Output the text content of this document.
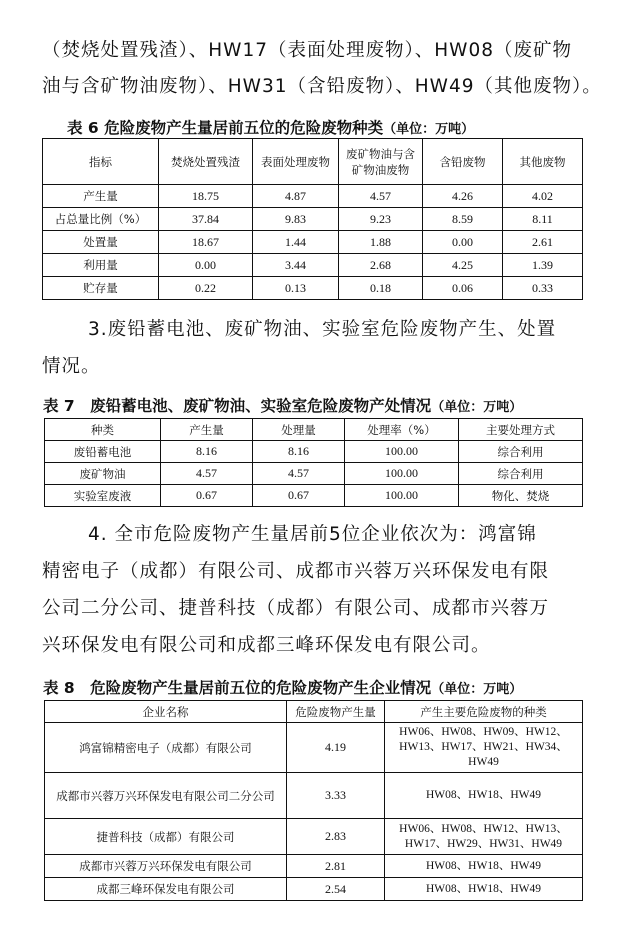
（焚烧处置残渣）、HW17（表面处理废物）、HW08（废矿物
油与含矿物油废物）、HW31（含铅废物）、HW49（其他废物）。
表 6 危险废物产生量居前五位的危险废物种类（单位：万吨）
指标	焚烧处置残渣	表面处理废物	废矿物油与含矿物油废物	含铅废物	其他废物
产生量	18.75	4.87	4.57	4.26	4.02
占总量比例（%）	37.84	9.83	9.23	8.59	8.11
处置量	18.67	1.44	1.88	0.00	2.61
利用量	0.00	3.44	2.68	4.25	1.39
贮存量	0.22	0.13	0.18	0.06	0.33
3.废铅蓄电池、废矿物油、实验室危险废物产生、处置
情况。
表 7　废铅蓄电池、废矿物油、实验室危险废物产处情况（单位：万吨）
种类	产生量	处理量	处理率（%）	主要处理方式
废铅蓄电池	8.16	8.16	100.00	综合利用
废矿物油	4.57	4.57	100.00	综合利用
实验室废液	0.67	0.67	100.00	物化、焚烧
4. 全市危险废物产生量居前5位企业依次为：鸿富锦
精密电子（成都）有限公司、成都市兴蓉万兴环保发电有限
公司二分公司、捷普科技（成都）有限公司、成都市兴蓉万
兴环保发电有限公司和成都三峰环保发电有限公司。
表 8　危险废物产生量居前五位的危险废物产生企业情况（单位：万吨）
企业名称	危险废物产生量	产生主要危险废物的种类
鸿富锦精密电子（成都）有限公司	4.19	HW06、HW08、HW09、HW12、
HW13、HW17、HW21、HW34、
HW49

成都市兴蓉万兴环保发电有限公司二分公司	3.33	HW08、HW18、HW49

捷普科技（成都）有限公司	2.83	HW06、HW08、HW12、HW13、
HW17、HW29、HW31、HW49

成都市兴蓉万兴环保发电有限公司	2.81	HW08、HW18、HW49

成都三峰环保发电有限公司	2.54	HW08、HW18、HW49
